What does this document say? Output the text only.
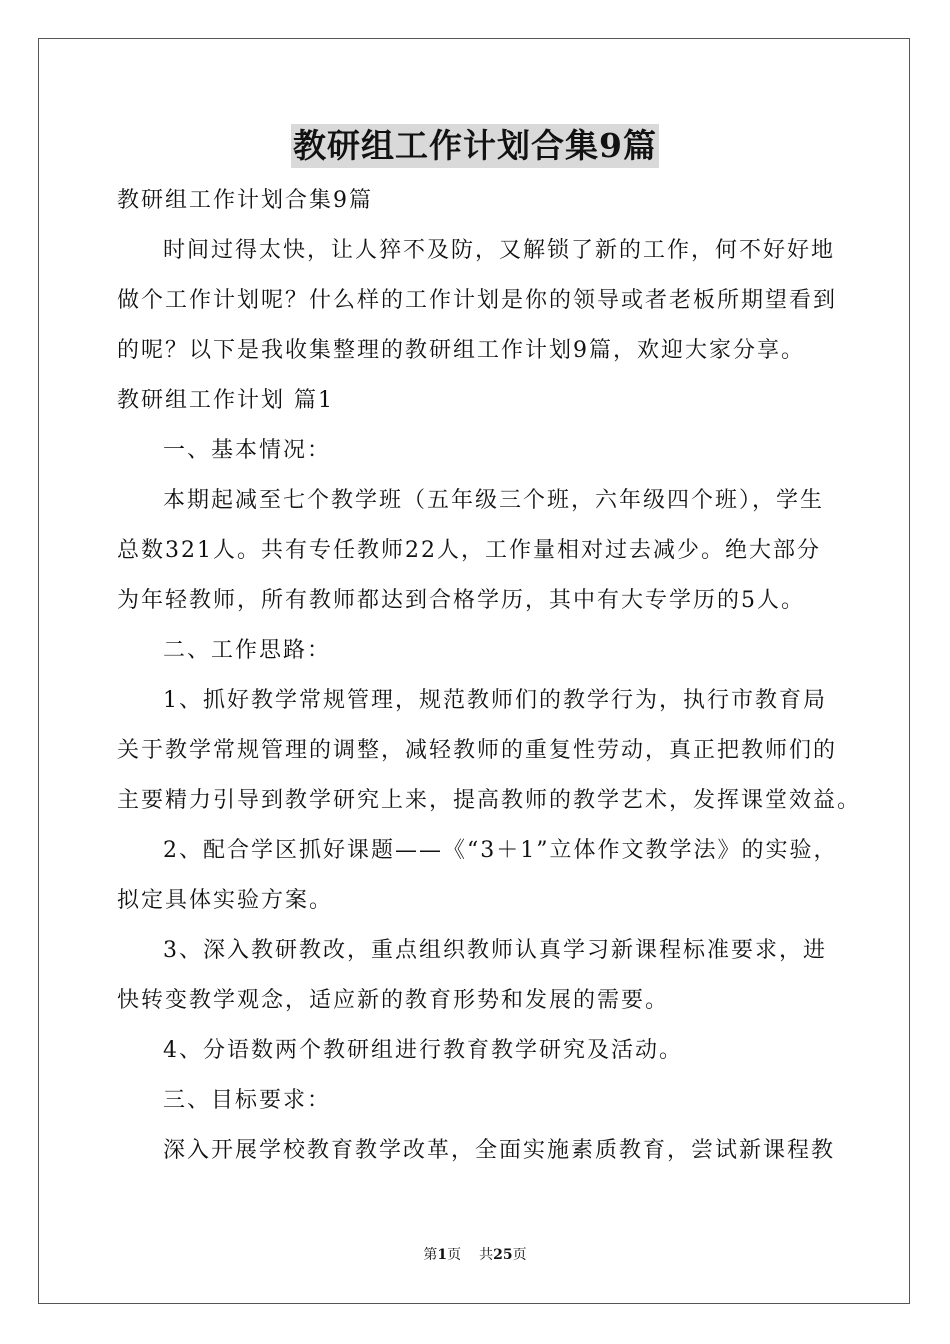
教研组工作计划合集9篇
教研组工作计划合集9篇
时间过得太快，让人猝不及防，又解锁了新的工作，何不好好地
做个工作计划呢？什么样的工作计划是你的领导或者老板所期望看到
的呢？以下是我收集整理的教研组工作计划9篇，欢迎大家分享。
教研组工作计划 篇1
一、基本情况：
本期起减至七个教学班（五年级三个班，六年级四个班），学生
总数321人。共有专任教师22人，工作量相对过去减少。绝大部分
为年轻教师，所有教师都达到合格学历，其中有大专学历的5人。
二、工作思路：
1、抓好教学常规管理，规范教师们的教学行为，执行市教育局
关于教学常规管理的调整，减轻教师的重复性劳动，真正把教师们的
主要精力引导到教学研究上来，提高教师的教学艺术，发挥课堂效益。
2、配合学区抓好课题——《“3＋1”立体作文教学法》的实验，
拟定具体实验方案。
3、深入教研教改，重点组织教师认真学习新课程标准要求，进
快转变教学观念，适应新的教育形势和发展的需要。
4、分语数两个教研组进行教育教学研究及活动。
三、目标要求：
深入开展学校教育教学改革，全面实施素质教育，尝试新课程教
第1页 共25页
